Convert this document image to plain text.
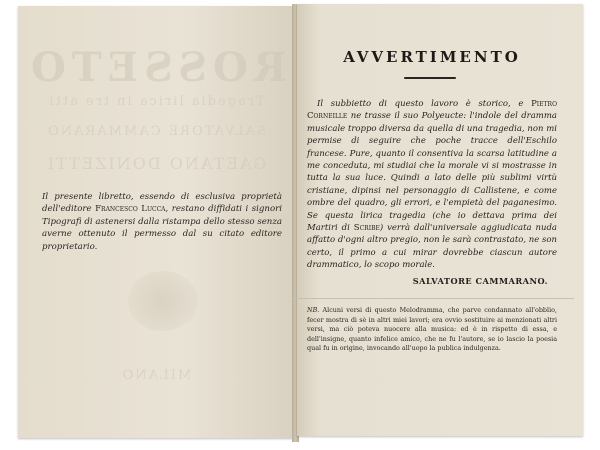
ROSSETO
Tragedia lirica in tre atti
SALVATORE CAMMARANO
GAETANO DONIZETTI
MILANO
Il presente libretto, essendo di esclusiva proprietà dell'editore Francesco Lucca, restano diffidati i signori Tipografi di astenersi dalla ristampa dello stesso senza averne ottenuto il permesso dal su citato editore proprietario.
AVVERTIMENTO
Il subbietto di questo lavoro è storico, e Pietro Corneille ne trasse il suo Polyeucte: l'indole del dramma musicale troppo diversa da quella di una tragedia, non mi permise di seguire che poche tracce dell'Eschilo francese. Pure, quanto il consentiva la scarsa latitudine a me conceduta, mi studiai che la morale vi si mostrasse in tutta la sua luce. Quindi a lato delle più sublimi virtù cristiane, dipinsi nel personaggio di Callistene, e come ombre del quadro, gli errori, e l'empietà del paganesimo. Se questa lirica tragedia (che io dettava prima dei Martiri di Scribe) verrà dall'universale aggiudicata nuda affatto d'ogni altro pregio, non le sarà contrastato, ne son certo, il primo a cui mirar dovrebbe ciascun autore drammatico, lo scopo morale.
SALVATORE CAMMARANO.
NB. Alcuni versi di questo Melodramma, che parve condannato all'obblio, fecer mostra di sè in altri miei lavori; era ovvio sostituire ai menzionati altri versi, ma ciò poteva nuocere alla musica: ed è in rispetto di essa, e dell'insigne, quanto infelice amico, che ne fu l'autore, se io lascio la poesia qual fu in origine, invocando all'uopo la publica indulgenza.
